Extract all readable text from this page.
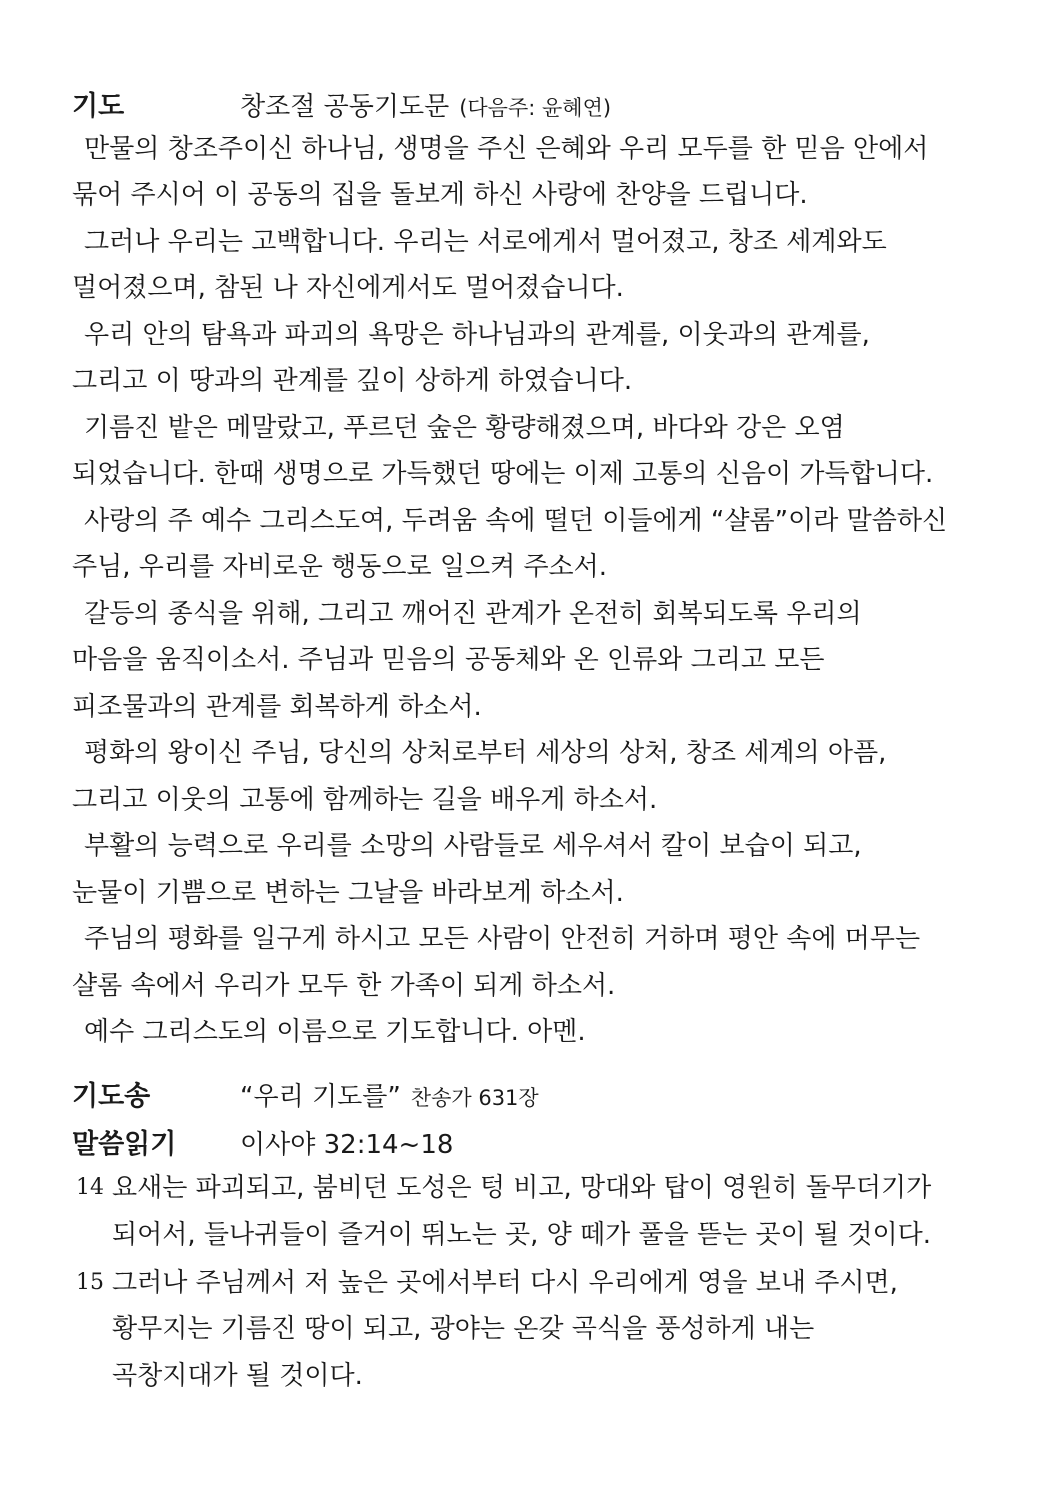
기도	창조절 공동기도문 (다음주: 윤혜연)
만물의 창조주이신 하나님, 생명을 주신 은혜와 우리 모두를 한 믿음 안에서
묶어 주시어 이 공동의 집을 돌보게 하신 사랑에 찬양을 드립니다.
그러나 우리는 고백합니다. 우리는 서로에게서 멀어졌고, 창조 세계와도
멀어졌으며, 참된 나 자신에게서도 멀어졌습니다.
우리 안의 탐욕과 파괴의 욕망은 하나님과의 관계를, 이웃과의 관계를,
그리고 이 땅과의 관계를 깊이 상하게 하였습니다.
기름진 밭은 메말랐고, 푸르던 숲은 황량해졌으며, 바다와 강은 오염
되었습니다. 한때 생명으로 가득했던 땅에는 이제 고통의 신음이 가득합니다.
사랑의 주 예수 그리스도여, 두려움 속에 떨던 이들에게 “샬롬”이라 말씀하신
주님, 우리를 자비로운 행동으로 일으켜 주소서.
갈등의 종식을 위해, 그리고 깨어진 관계가 온전히 회복되도록 우리의
마음을 움직이소서. 주님과 믿음의 공동체와 온 인류와 그리고 모든
피조물과의 관계를 회복하게 하소서.
평화의 왕이신 주님, 당신의 상처로부터 세상의 상처, 창조 세계의 아픔,
그리고 이웃의 고통에 함께하는 길을 배우게 하소서.
부활의 능력으로 우리를 소망의 사람들로 세우셔서 칼이 보습이 되고,
눈물이 기쁨으로 변하는 그날을 바라보게 하소서.
주님의 평화를 일구게 하시고 모든 사람이 안전히 거하며 평안 속에 머무는
샬롬 속에서 우리가 모두 한 가족이 되게 하소서.
예수 그리스도의 이름으로 기도합니다. 아멘.
기도송	“우리 기도를” 찬송가 631장
말씀읽기	이사야 32:14~18
14 요새는 파괴되고, 붐비던 도성은 텅 비고, 망대와 탑이 영원히 돌무더기가
되어서, 들나귀들이 즐거이 뛰노는 곳, 양 떼가 풀을 뜯는 곳이 될 것이다.
15 그러나 주님께서 저 높은 곳에서부터 다시 우리에게 영을 보내 주시면,
황무지는 기름진 땅이 되고, 광야는 온갖 곡식을 풍성하게 내는
곡창지대가 될 것이다.
